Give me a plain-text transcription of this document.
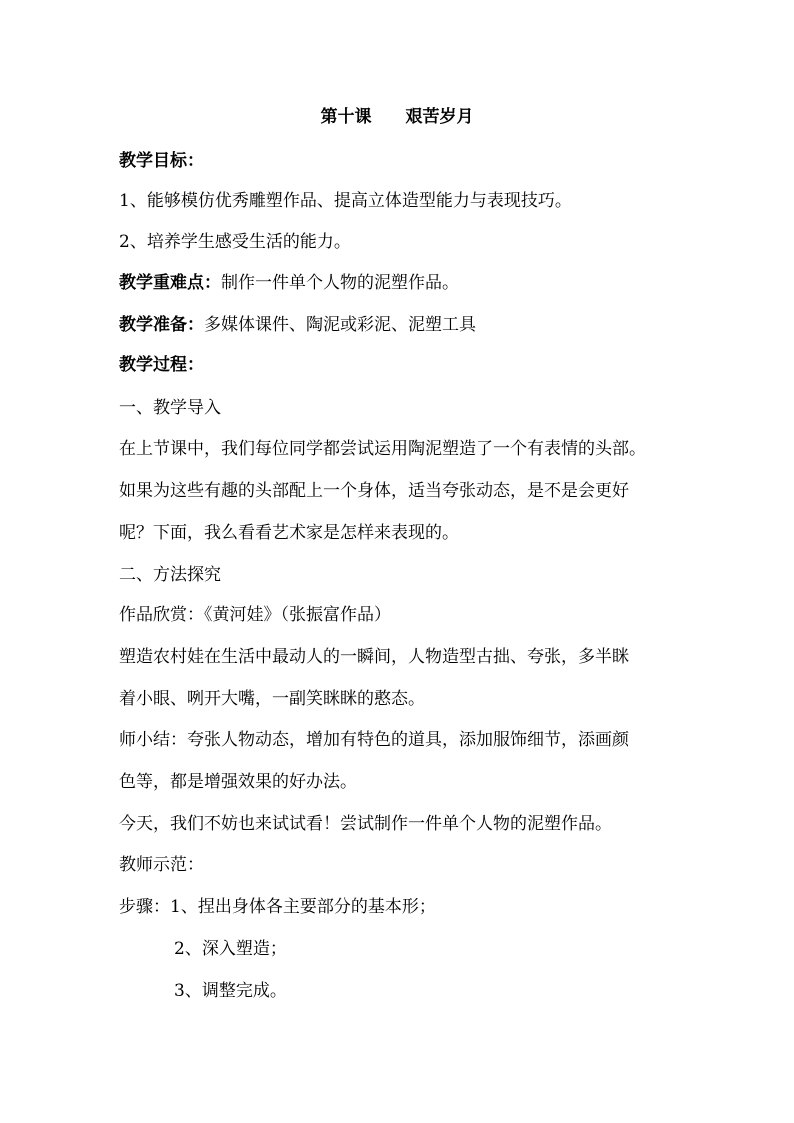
第十课　　艰苦岁月
教学目标：
1、能够模仿优秀雕塑作品、提高立体造型能力与表现技巧。
2、培养学生感受生活的能力。
教学重难点：制作一件单个人物的泥塑作品。
教学准备：多媒体课件、陶泥或彩泥、泥塑工具
教学过程：
一、教学导入
在上节课中，我们每位同学都尝试运用陶泥塑造了一个有表情的头部。
如果为这些有趣的头部配上一个身体，适当夸张动态，是不是会更好
呢？下面，我么看看艺术家是怎样来表现的。
二、方法探究
作品欣赏：《黄河娃》（张振富作品）
塑造农村娃在生活中最动人的一瞬间，人物造型古拙、夸张，多半眯
着小眼、咧开大嘴，一副笑眯眯的憨态。
师小结：夸张人物动态，增加有特色的道具，添加服饰细节，添画颜
色等，都是增强效果的好办法。
今天，我们不妨也来试试看！尝试制作一件单个人物的泥塑作品。
教师示范：
步骤：1、捏出身体各主要部分的基本形；
2、深入塑造；
3、调整完成。
